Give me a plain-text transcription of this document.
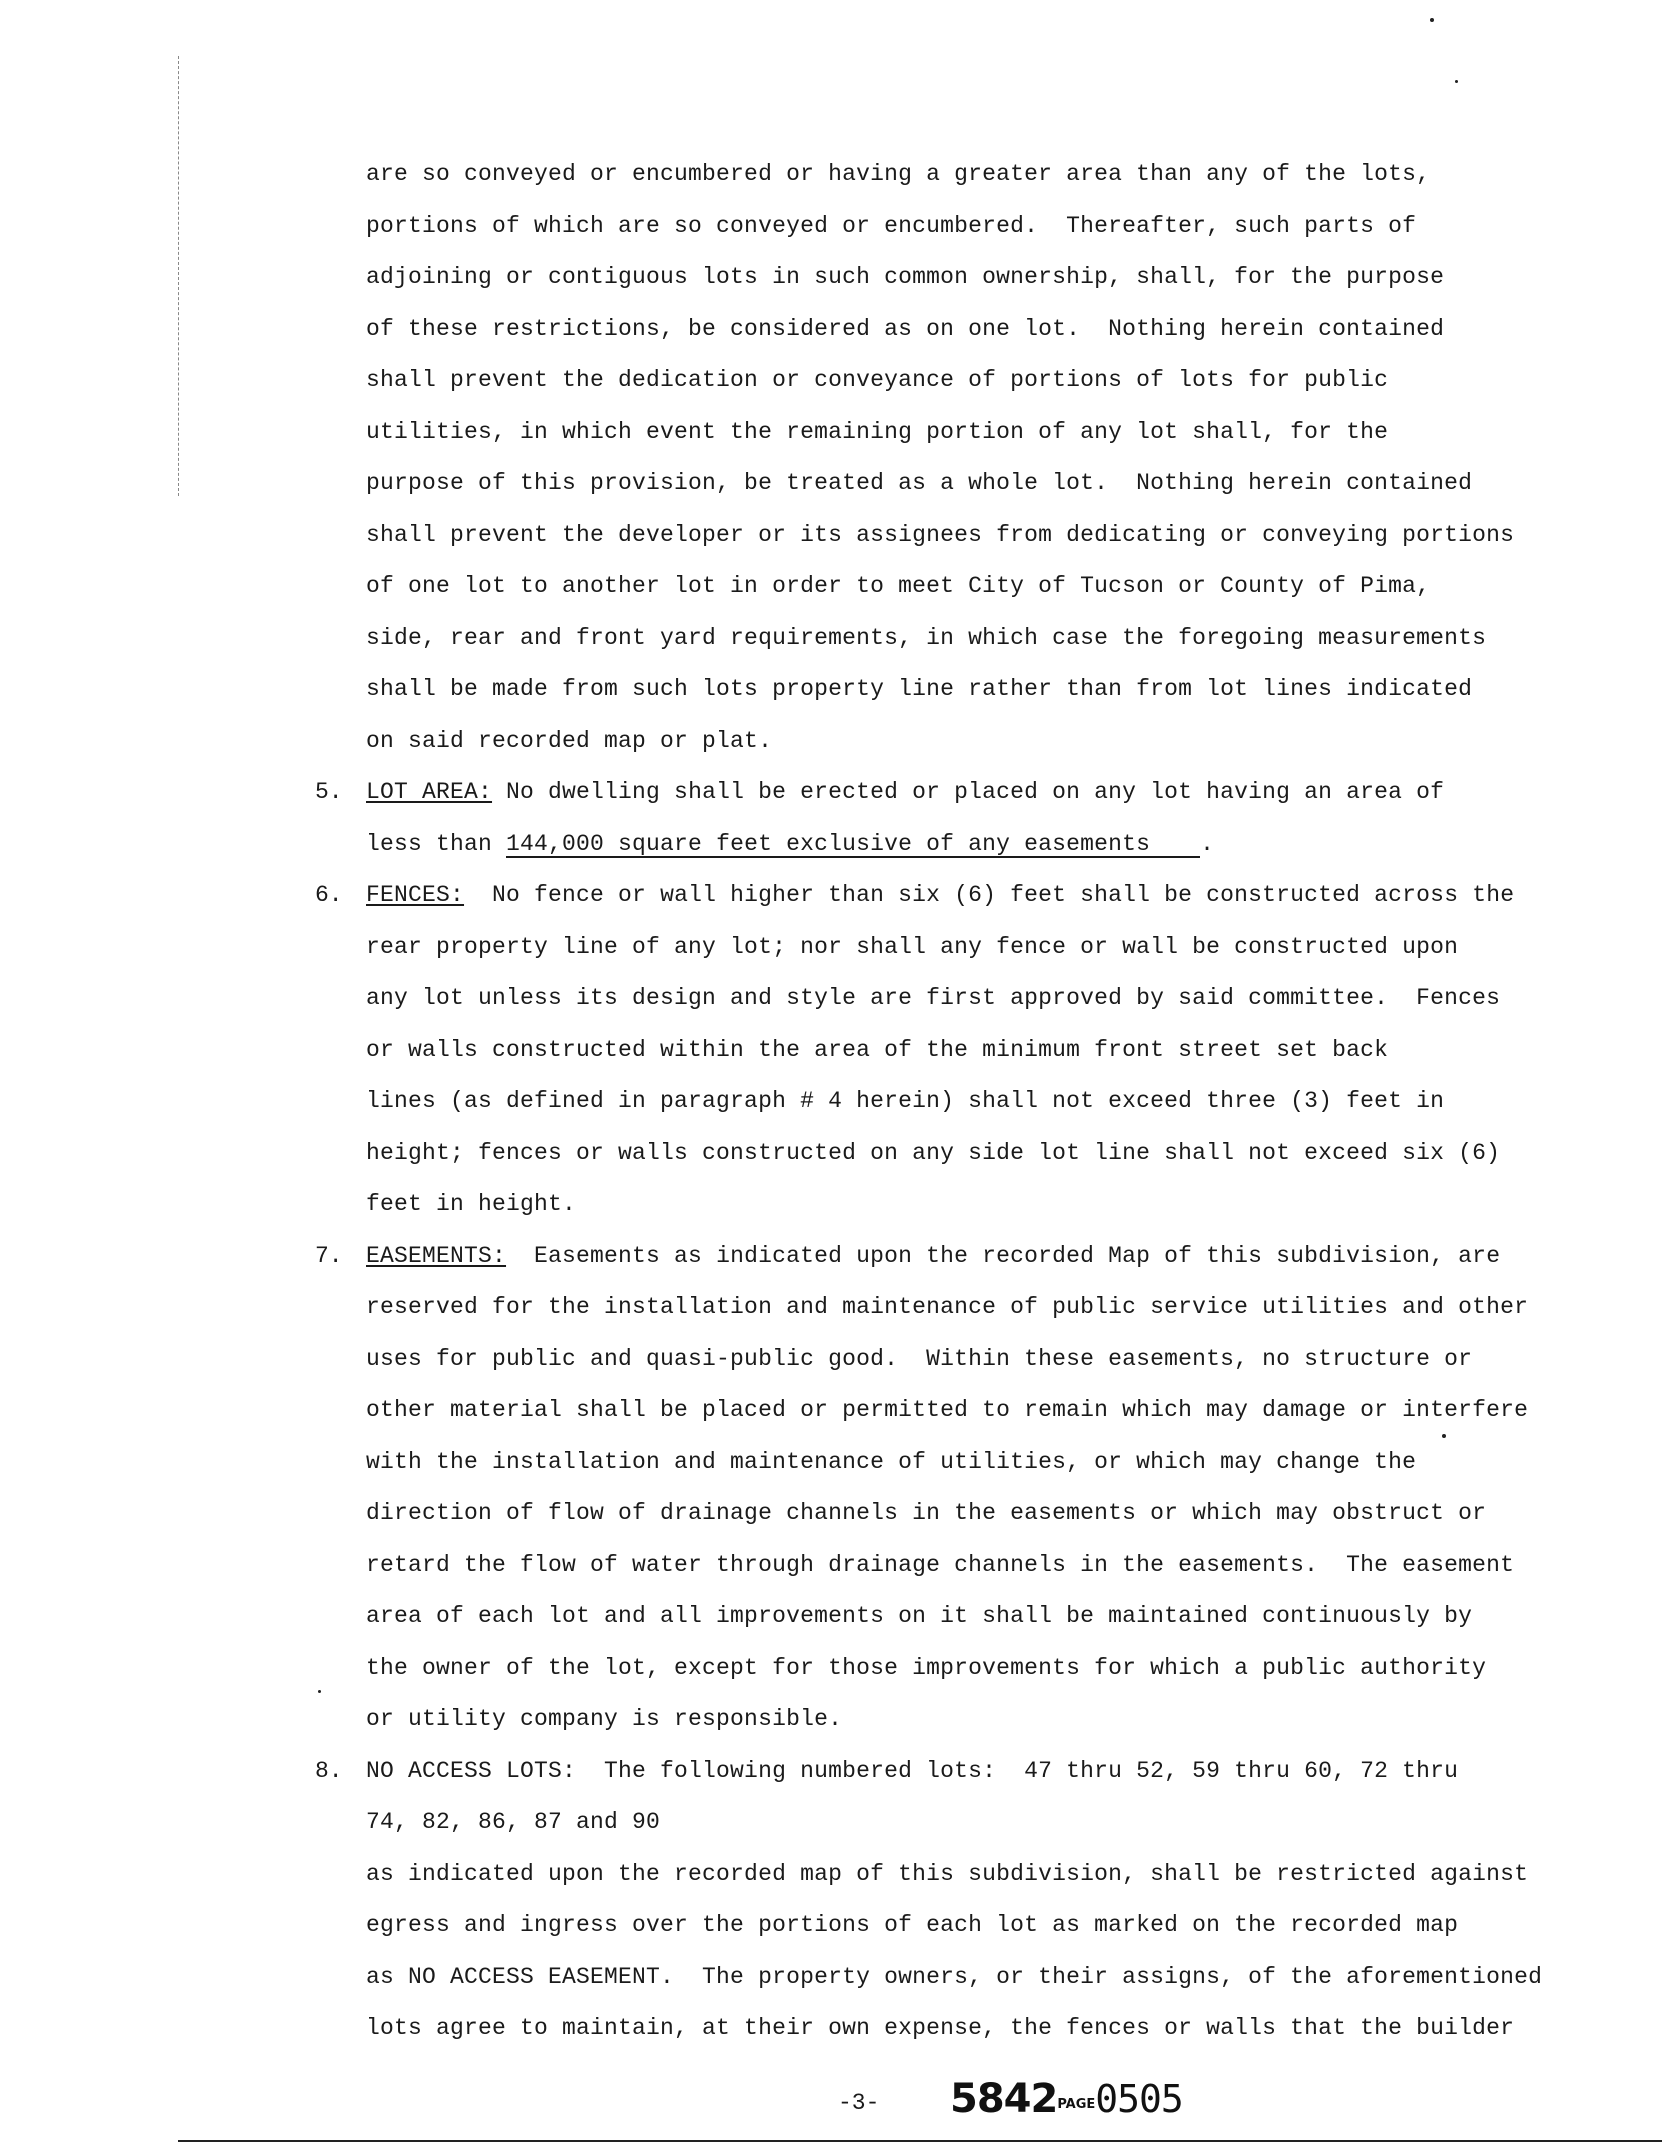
are so conveyed or encumbered or having a greater area than any of the lots,
portions of which are so conveyed or encumbered.  Thereafter, such parts of
adjoining or contiguous lots in such common ownership, shall, for the purpose
of these restrictions, be considered as on one lot.  Nothing herein contained
shall prevent the dedication or conveyance of portions of lots for public
utilities, in which event the remaining portion of any lot shall, for the
purpose of this provision, be treated as a whole lot.  Nothing herein contained
shall prevent the developer or its assignees from dedicating or conveying portions
of one lot to another lot in order to meet City of Tucson or County of Pima,
side, rear and front yard requirements, in which case the foregoing measurements
shall be made from such lots property line rather than from lot lines indicated
on said recorded map or plat.
5. LOT AREA: No dwelling shall be erected or placed on any lot having an area of
less than 144,000 square feet exclusive of any easements .
6. FENCES:  No fence or wall higher than six (6) feet shall be constructed across the
rear property line of any lot; nor shall any fence or wall be constructed upon
any lot unless its design and style are first approved by said committee.  Fences
or walls constructed within the area of the minimum front street set back
lines (as defined in paragraph # 4 herein) shall not exceed three (3) feet in
height; fences or walls constructed on any side lot line shall not exceed six (6)
feet in height.
7. EASEMENTS:  Easements as indicated upon the recorded Map of this subdivision, are
reserved for the installation and maintenance of public service utilities and other
uses for public and quasi-public good.  Within these easements, no structure or
other material shall be placed or permitted to remain which may damage or interfere
with the installation and maintenance of utilities, or which may change the
direction of flow of drainage channels in the easements or which may obstruct or
retard the flow of water through drainage channels in the easements.  The easement
area of each lot and all improvements on it shall be maintained continuously by
the owner of the lot, except for those improvements for which a public authority
or utility company is responsible.
8. NO ACCESS LOTS:  The following numbered lots:  47 thru 52, 59 thru 60, 72 thru
74, 82, 86, 87 and 90
as indicated upon the recorded map of this subdivision, shall be restricted against
egress and ingress over the portions of each lot as marked on the recorded map
as NO ACCESS EASEMENT.  The property owners, or their assigns, of the aforementioned
lots agree to maintain, at their own expense, the fences or walls that the builder
-3- 5842PAGE0505
